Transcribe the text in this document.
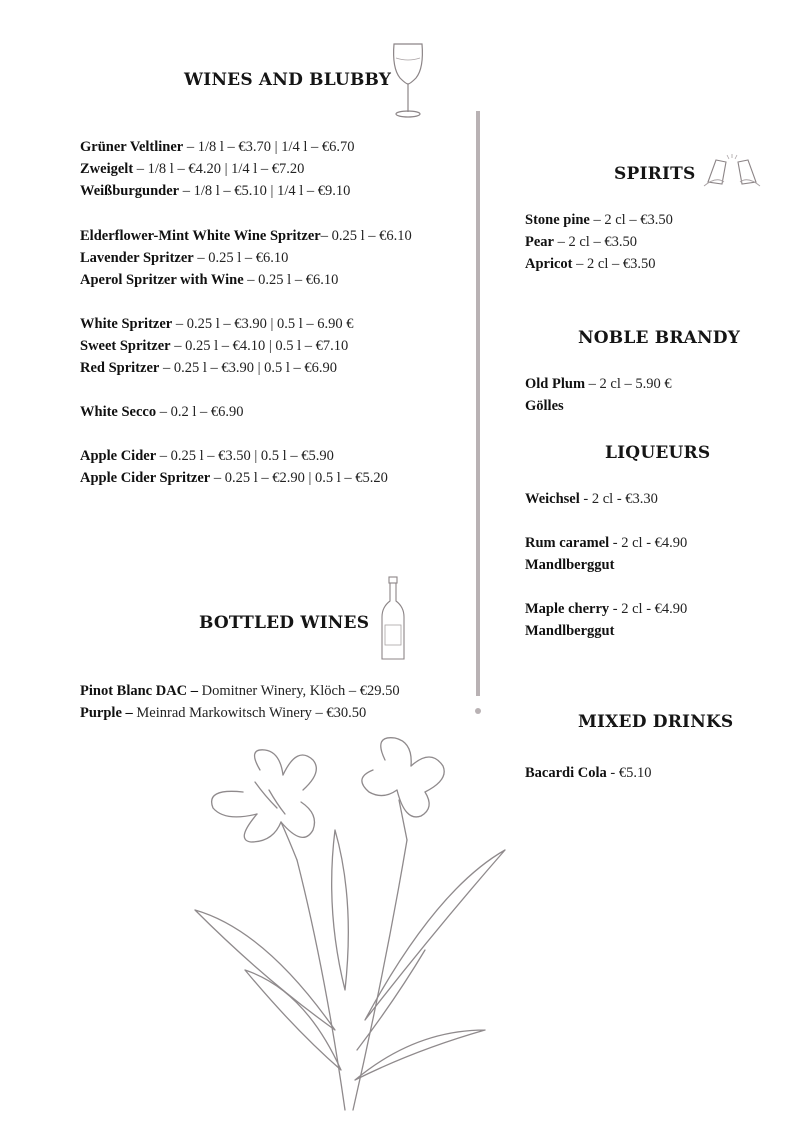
WINES AND BLUBBY
Grüner Veltliner – 1/8 l – €3.70 | 1/4 l – €6.70
Zweigelt – 1/8 l – €4.20 | 1/4 l – €7.20
Weißburgunder – 1/8 l – €5.10 | 1/4 l – €9.10
Elderflower-Mint White Wine Spritzer– 0.25 l – €6.10
Lavender Spritzer – 0.25 l – €6.10
Aperol Spritzer with Wine – 0.25 l – €6.10
White Spritzer – 0.25 l – €3.90 | 0.5 l – 6.90 €
Sweet Spritzer – 0.25 l – €4.10 | 0.5 l – €7.10
Red Spritzer – 0.25 l – €3.90 | 0.5 l – €6.90
White Secco – 0.2 l – €6.90
Apple Cider – 0.25 l – €3.50 | 0.5 l – €5.90
Apple Cider Spritzer – 0.25 l – €2.90 | 0.5 l – €5.20
BOTTLED WINES
Pinot Blanc DAC – Domitner Winery, Klöch – €29.50
Purple – Meinrad Markowitsch Winery – €30.50
SPIRITS
Stone pine – 2 cl – €3.50
Pear – 2 cl – €3.50
Apricot – 2 cl – €3.50
NOBLE BRANDY
Old Plum – 2 cl – 5.90 €
Gölles
LIQUEURS
Weichsel - 2 cl - €3.30
Rum caramel - 2 cl - €4.90
Mandlberggut
Maple cherry - 2 cl - €4.90
Mandlberggut
MIXED DRINKS
Bacardi Cola - €5.10
